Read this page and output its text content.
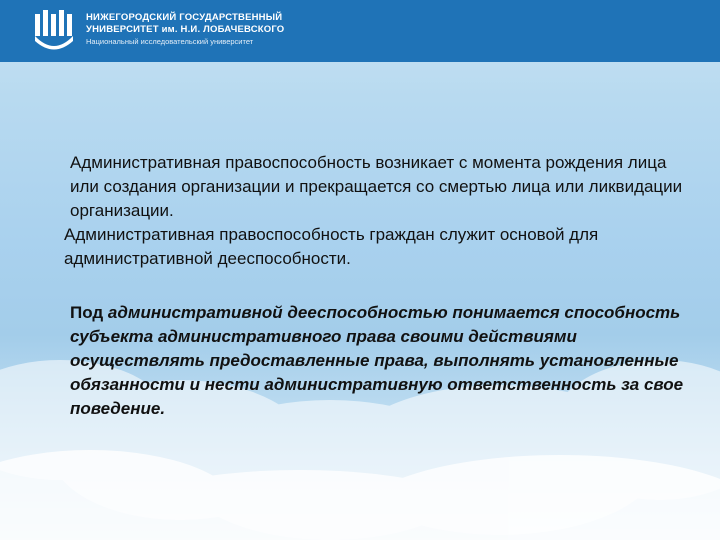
НИЖЕГОРОДСКИЙ ГОСУДАРСТВЕННЫЙ
УНИВЕРСИТЕТ им. Н.И. ЛОБАЧЕВСКОГО
Национальный исследовательский университет

Административная правоспособность возникает с момента рождения лица или создания организации и прекращается со смертью лица или ликвидации организации.

Административная правоспособность граждан служит основой для административной дееспособности.

Под административной дееспособностью понимается способность субъекта административного права своими действиями осуществлять предоставленные права, выполнять установленные обязанности и нести административную ответственность за свое поведение.
